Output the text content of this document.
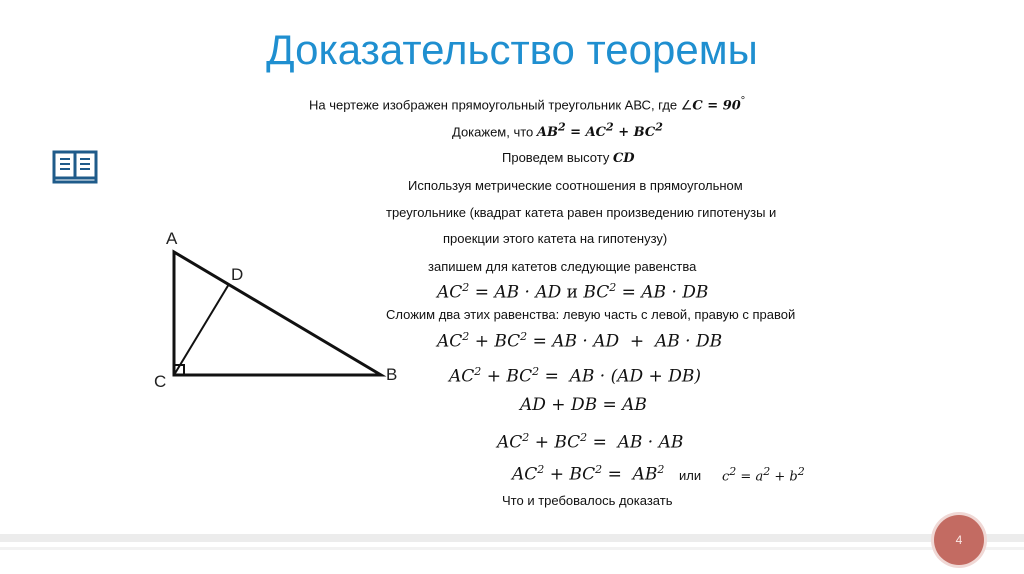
Доказательство теоремы
A
D
C	B
На чертеже изображен прямоугольный треугольник АВС, где ∠C = 90°
Докажем, что $AB^2 = AC^2 + BC^2$
Проведем высоту CD
Используя метрические соотношения в прямоугольном
треугольнике (квадрат катета равен произведению гипотенузы и
проекции этого катета на гипотенузу)
запишем для катетов следующие равенства
$AC^2$ = AB · AD и $BC^2$ = AB · DB
Сложим два этих равенства: левую часть с левой, правую с правой
$AC^2 + BC^2$ = AB · AD  +  AB · DB
$AC^2 + BC^2$ =  AB · (AD + DB)
AD + DB = AB
$AC^2 + BC^2$ =  AB · AB
$AC^2 + BC^2 = AB^2$ или $c^2 = a^2 + b^2$
Что и требовалось доказать
4
